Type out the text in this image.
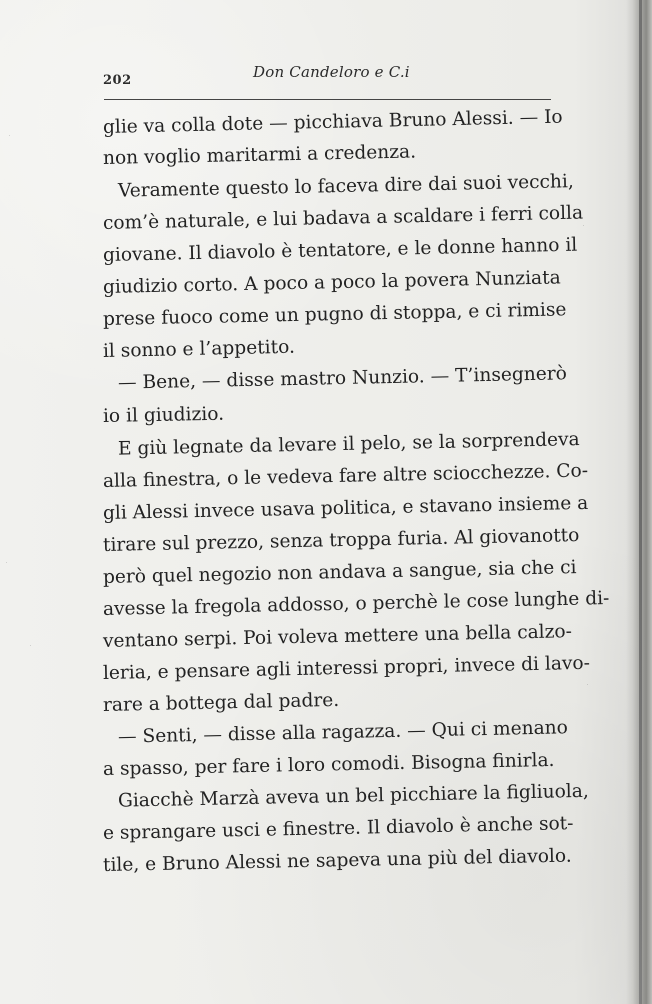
202	Don Candeloro e C.i
glie va colla dote — picchiava Bruno Alessi. — Io
non voglio maritarmi a credenza.
Veramente questo lo faceva dire dai suoi vecchi,
com’è naturale, e lui badava a scaldare i ferri colla
giovane. Il diavolo è tentatore, e le donne hanno il
giudizio corto. A poco a poco la povera Nunziata
prese fuoco come un pugno di stoppa, e ci rimise
il sonno e l’appetito.
— Bene, — disse mastro Nunzio. — T’insegnerò
io il giudizio.
E giù legnate da levare il pelo, se la sorprendeva
alla finestra, o le vedeva fare altre sciocchezze. Co-
gli Alessi invece usava politica, e stavano insieme a
tirare sul prezzo, senza troppa furia. Al giovanotto
però quel negozio non andava a sangue, sia che ci
avesse la fregola addosso, o perchè le cose lunghe di-
ventano serpi. Poi voleva mettere una bella calzo-
leria, e pensare agli interessi propri, invece di lavo-
rare a bottega dal padre.
— Senti, — disse alla ragazza. — Qui ci menano
a spasso, per fare i loro comodi. Bisogna finirla.
Giacchè Marzà aveva un bel picchiare la figliuola,
e sprangare usci e finestre. Il diavolo è anche sot-
tile, e Bruno Alessi ne sapeva una più del diavolo.
